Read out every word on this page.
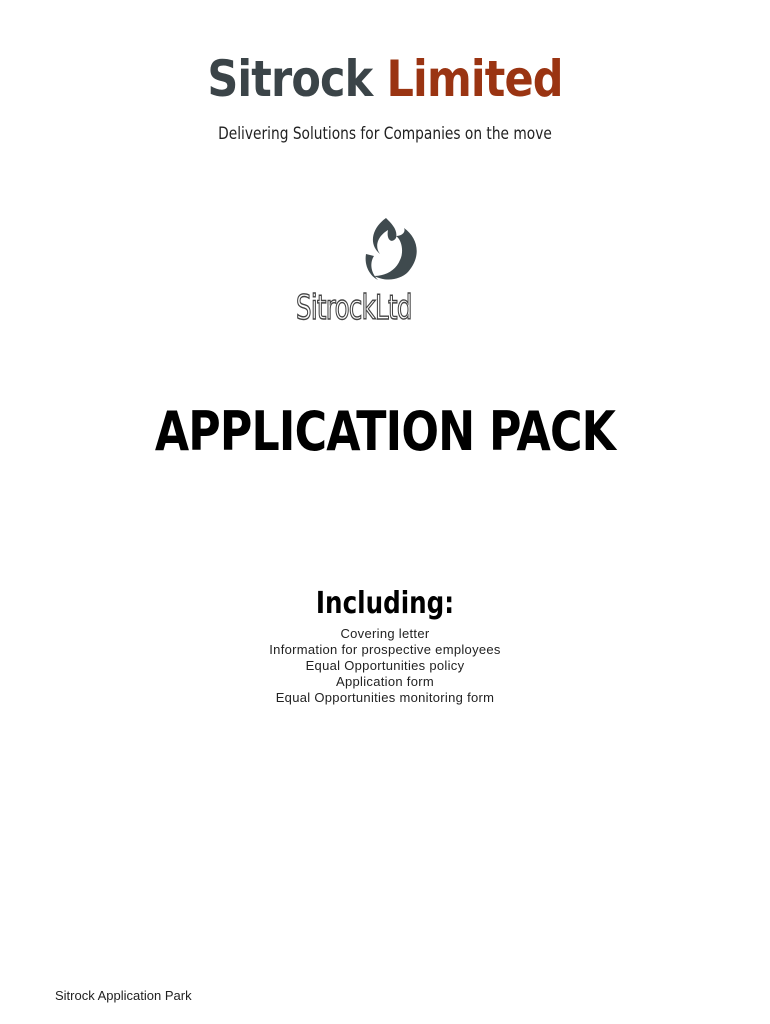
Sitrock Limited
Delivering Solutions for Companies on the move
SitrockLtd
APPLICATION PACK
Including:
Covering letter
Information for prospective employees
Equal Opportunities policy
Application form
Equal Opportunities monitoring form
Sitrock Application Park
